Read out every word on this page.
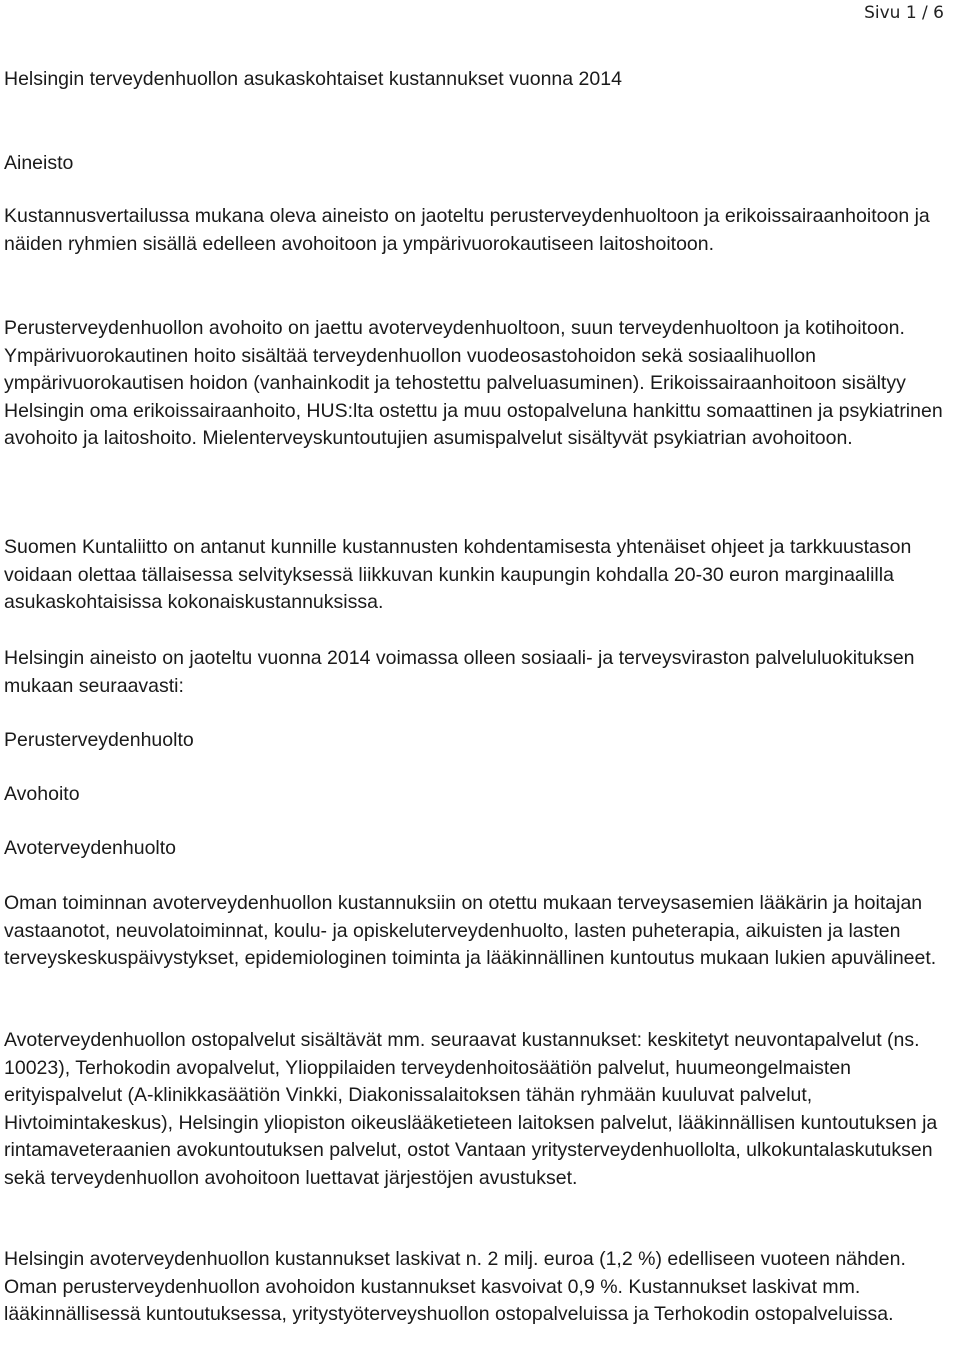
Sivu 1 / 6
Helsingin terveydenhuollon asukaskohtaiset kustannukset vuonna 2014
Aineisto

Kustannusvertailussa mukana oleva aineisto on jaoteltu perusterveydenhuoltoon ja erikoissairaanhoitoon ja näiden ryhmien sisällä edelleen avohoitoon ja ympärivuorokautiseen laitoshoitoon.

Perusterveydenhuollon avohoito on jaettu avoterveydenhuoltoon, suun terveydenhuoltoon ja kotihoitoon. Ympärivuorokautinen hoito sisältää terveydenhuollon vuodeosastohoidon sekä sosiaalihuollon ympärivuorokautisen hoidon (vanhainkodit ja tehostettu palveluasuminen). Erikoissairaanhoitoon sisältyy Helsingin oma erikoissairaanhoito, HUS:lta ostettu ja muu ostopalveluna hankittu somaattinen ja psykiatrinen avohoito ja laitoshoito. Mielenterveyskuntoutujien asumispalvelut sisältyvät psykiatrian avohoitoon.

Suomen Kuntaliitto on antanut kunnille kustannusten kohdentamisesta yhtenäiset ohjeet ja tarkkuustason voidaan olettaa tällaisessa selvityksessä liikkuvan kunkin kaupungin kohdalla 20-30 euron marginaalilla asukaskohtaisissa kokonaiskustannuksissa.

Helsingin aineisto on jaoteltu vuonna 2014 voimassa olleen sosiaali- ja terveysviraston palveluluokituksen mukaan seuraavasti:

Perusterveydenhuolto
Avohoito
Avoterveydenhuolto

Oman toiminnan avoterveydenhuollon kustannuksiin on otettu mukaan terveysasemien lääkärin ja hoitajan vastaanotot, neuvolatoiminnat, koulu- ja opiskeluterveydenhuolto, lasten puheterapia, aikuisten ja lasten terveyskeskuspäivystykset, epidemiologinen toiminta ja lääkinnällinen kuntoutus mukaan lukien apuvälineet.

Avoterveydenhuollon ostopalvelut sisältävät mm. seuraavat kustannukset: keskitetyt neuvontapalvelut (ns. 10023), Terhokodin avopalvelut, Ylioppilaiden terveydenhoitosäätiön palvelut, huumeongelmaisten erityispalvelut (A-klinikkasäätiön Vinkki, Diakonissalaitoksen tähän ryhmään kuuluvat palvelut, Hivtoimintakeskus), Helsingin yliopiston oikeuslääketieteen laitoksen palvelut, lääkinnällisen kuntoutuksen ja rintamaveteraanien avokuntoutuksen palvelut, ostot Vantaan yritysterveydenhuollolta, ulkokuntalaskutuksen sekä terveydenhuollon avohoitoon luettavat järjestöjen avustukset.

Helsingin avoterveydenhuollon kustannukset laskivat n. 2 milj. euroa (1,2 %) edelliseen vuoteen nähden. Oman perusterveydenhuollon avohoidon kustannukset kasvoivat 0,9 %. Kustannukset laskivat mm. lääkinnällisessä kuntoutuksessa, yritystyöterveyshuollon ostopalveluissa ja Terhokodin ostopalveluissa.
